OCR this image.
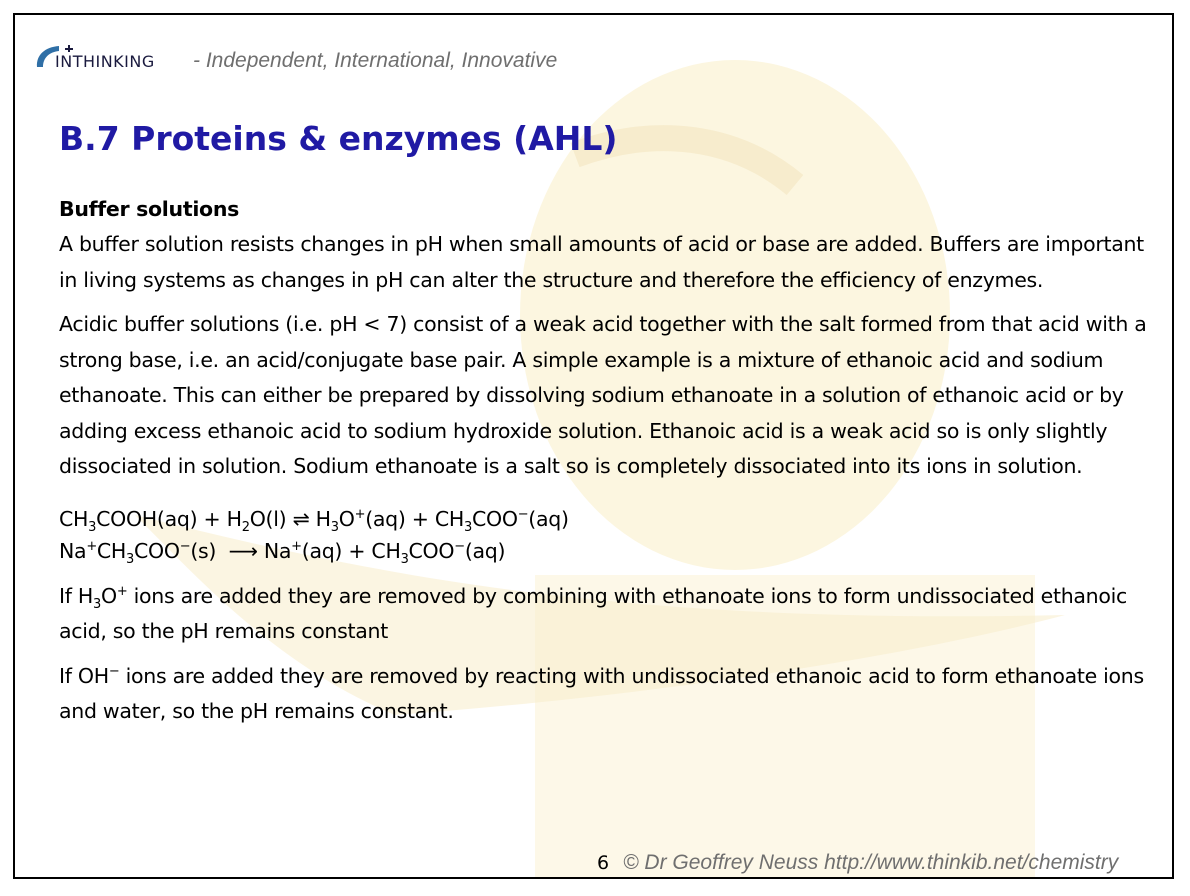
INTHINKING - Independent, International, Innovative
B.7 Proteins & enzymes (AHL)

Buffer solutions

A buffer solution resists changes in pH when small amounts of acid or base are added. Buffers are important in living systems as changes in pH can alter the structure and therefore the efficiency of enzymes.

Acidic buffer solutions (i.e. pH < 7) consist of a weak acid together with the salt formed from that acid with a strong base, i.e. an acid/conjugate base pair. A simple example is a mixture of ethanoic acid and sodium ethanoate. This can either be prepared by dissolving sodium ethanoate in a solution of ethanoic acid or by adding excess ethanoic acid to sodium hydroxide solution. Ethanoic acid is a weak acid so is only slightly dissociated in solution. Sodium ethanoate is a salt so is completely dissociated into its ions in solution.

$CH_3COOH(aq) + H_2O(l)$ ⇌ $H_3O^+(aq) + CH_3COO^-(aq)$
$Na^+CH_3COO^-(s)$  ⟶ $Na^+(aq) + CH_3COO^-(aq)$

If $H_3O^+$ ions are added they are removed by combining with ethanoate ions to form undissociated ethanoic acid, so the pH remains constant

If OH− ions are added they are removed by reacting with undissociated ethanoic acid to form ethanoate ions and water, so the pH remains constant.

6 © Dr Geoffrey Neuss http://www.thinkib.net/chemistry
